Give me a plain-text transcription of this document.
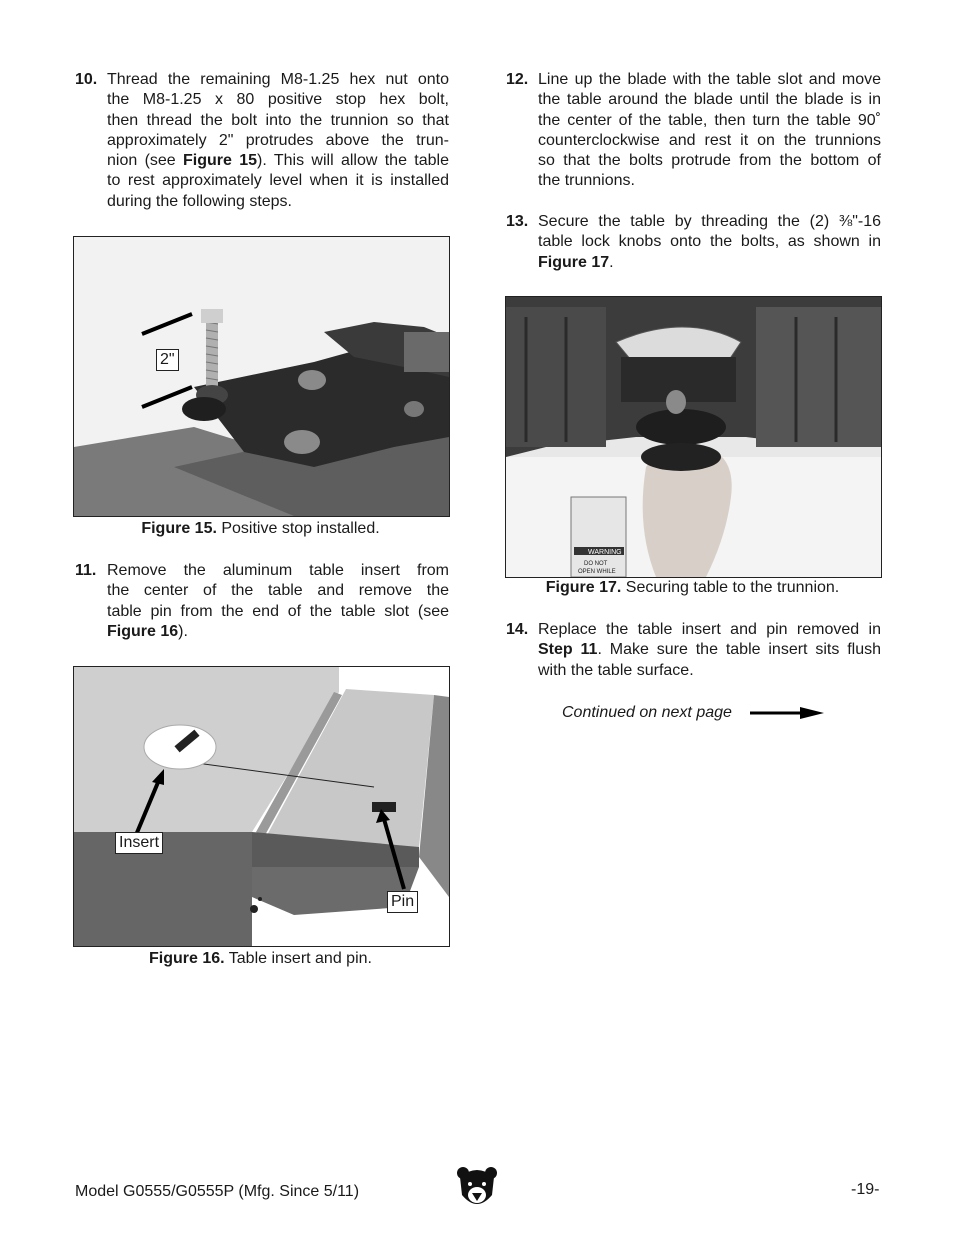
10. Thread the remaining M8-1.25 hex nut onto
the M8-1.25 x 80 positive stop hex bolt,
then thread the bolt into the trunnion so that
approximately 2" protrudes above the trun-
nion (see Figure 15). This will allow the table
to rest approximately level when it is installed
during the following steps.
2"
Figure 15. Positive stop installed.
11. Remove the aluminum table insert from
the center of the table and remove the
table pin from the end of the table slot (see
Figure 16).
Insert
Pin
Figure 16. Table insert and pin.
12. Line up the blade with the table slot and move
the table around the blade until the blade is in
the center of the table, then turn the table 90˚
counterclockwise and rest it on the trunnions
so that the bolts protrude from the bottom of
the trunnions.
13. Secure the table by threading the (2) ⅜"-16
table lock knobs onto the bolts, as shown in
Figure 17.
WARNING
DO NOT
OPEN WHILE
Figure 17. Securing table to the trunnion.
14. Replace the table insert and pin removed in
Step 11. Make sure the table insert sits flush
with the table surface.
Continued on next page
Model G0555/G0555P (Mfg. Since 5/11)	-19-
